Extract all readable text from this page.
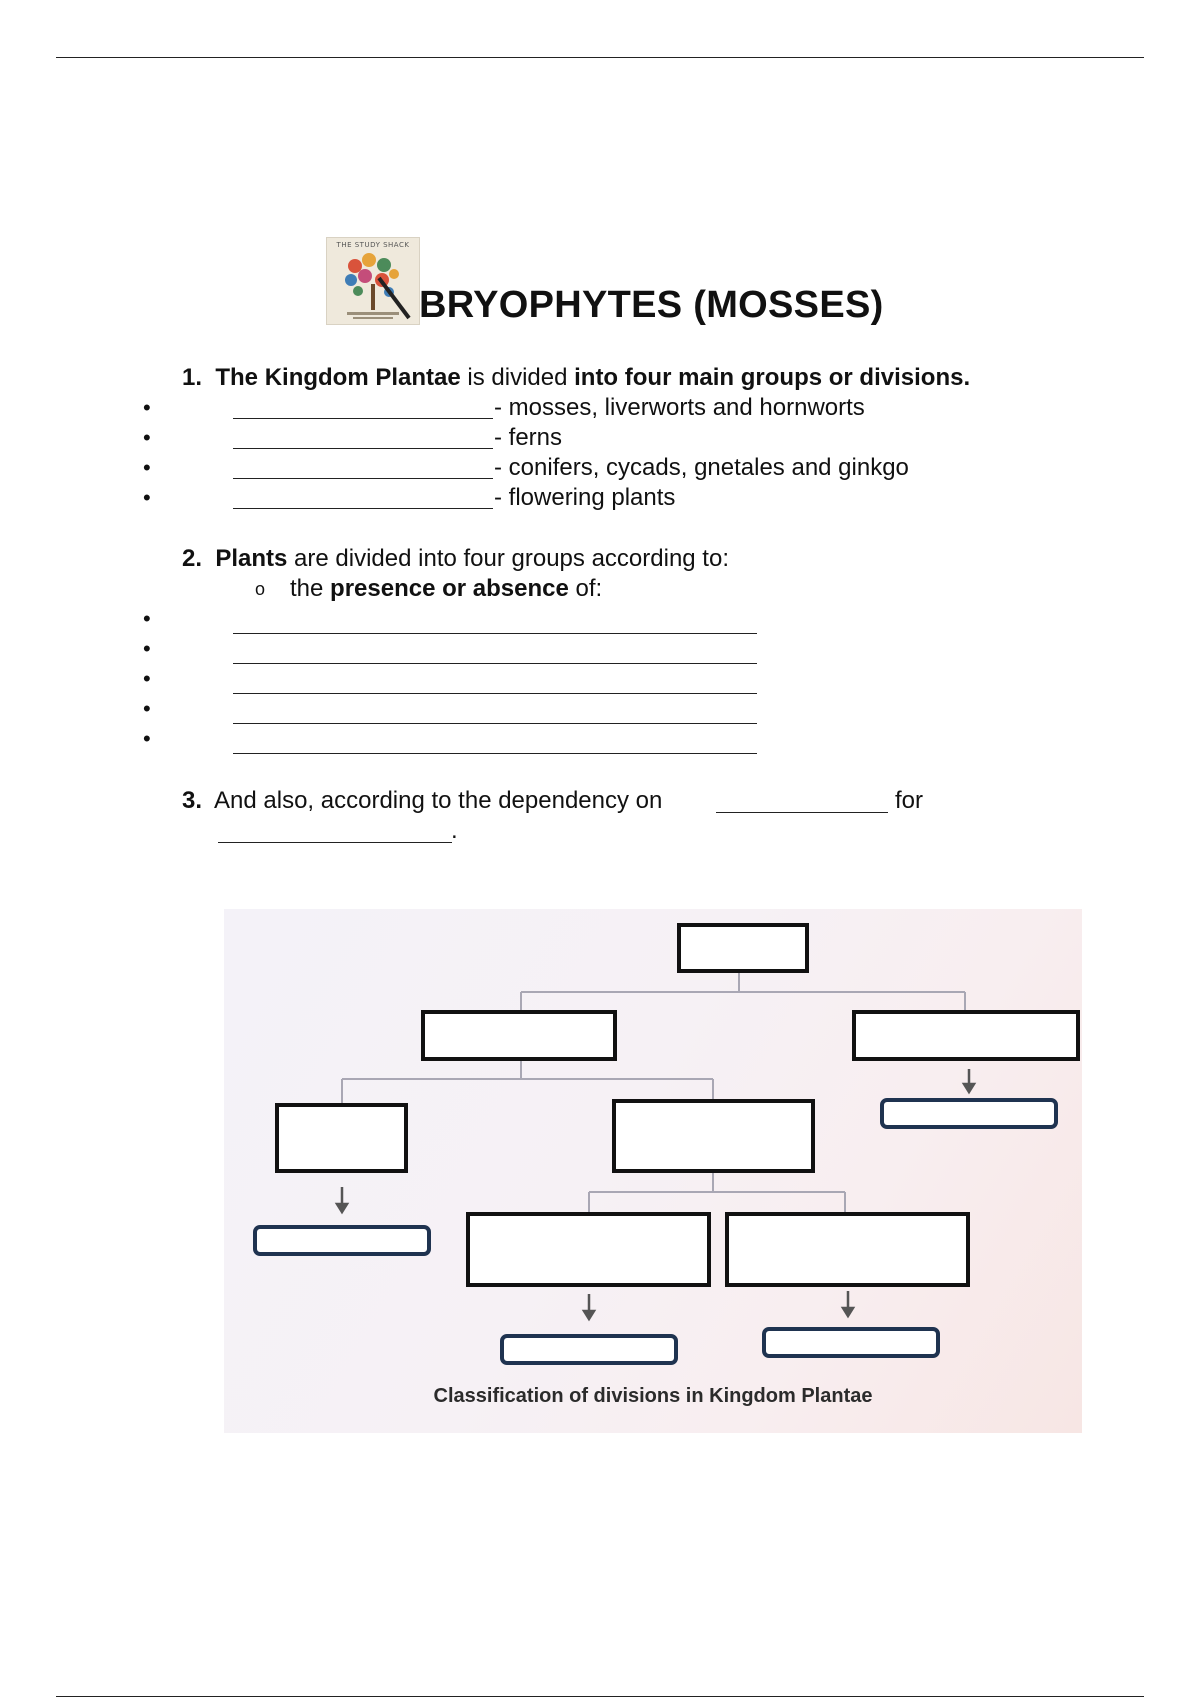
THE STUDY SHACK
BRYOPHYTES (MOSSES)
1. The Kingdom Plantae is divided into four main groups or divisions.
•	- mosses, liverworts and hornworts
•	- ferns
•	- conifers, cycads, gnetales and ginkgo
•	- flowering plants
2. Plants are divided into four groups according to:
o the presence or absence of:
•
•
•
•
•
3. And also, according to the dependency on	for
.
Classification of divisions in Kingdom Plantae
